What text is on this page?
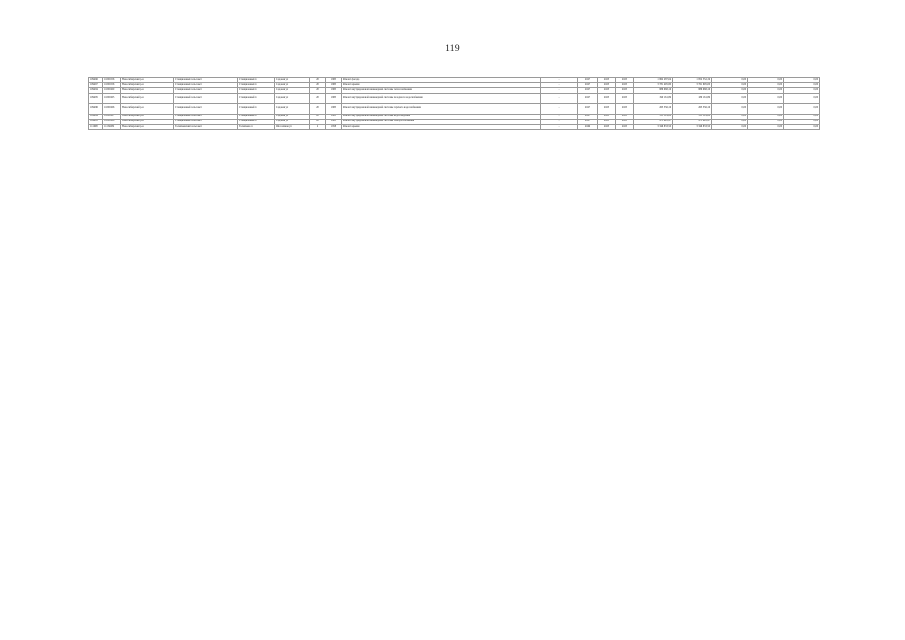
119
109466	11009156	Новосибирский р-н	Станционный сельсовет	Станционный п	Садовая ул	20	1985	Ремонт фасада	-	2047	2023	2025	1 862 287,04	1 852 552,19	0,00	0,00	0,00
109467	11009156	Новосибирский р-н	Станционный сельсовет	Станционный п	Садовая ул	20	1985	Ремонт крыши	-	2047	2023	2025	3 781 495,80	3 761 695,00	0,00	0,00	0,00
109484	11009160	Новосибирский р-н	Станционный сельсовет	Станционный п	Садовая ул	20	1985	Ремонт внутридомовой инженерной системы теплоснабжения	-	2047	2023	2025	886 968,16	886 968,16	0,00	0,00	0,00
109485	11009165	Новосибирский р-н	Станционный сельсовет	Станционный п	Садовая ул	20	1985	Ремонт внутридомовой инженерной системы холодного водоснабжения	-	2047	2023	2025	190 161,89	189 161,89	0,00	0,00	0,00
109486	11009166	Новосибирский р-н	Станционный сельсовет	Станционный п	Садовая ул	20	1985	Ремонт внутридомовой инженерной системы горячего водоснабжения	-	2047	2023	2025	263 356,16	263 356,16	0,00	0,00	0,00
109494	11009167	Новосибирский р-н	Станционный сельсовет	Станционный п	Садовая ул	20	1985	Ремонт внутридомовой инженерной системы водоотведения	-	2047	2023	2025	315 319,82	315 319,82	0,00	0,00	0,00
109495	11009168	Новосибирский р-н	Станционный сельсовет	Станционный п	Садовая ул	20	1985	Ремонт внутридомовой инженерной системы электроснабжения	-	2047	2023	2025	475 422,47	475 422,47	0,00	0,00	0,00
111698	11154082	Новосибирский р-н	Толмачевский сельсовет	Толмачево п	Шоссейная ул	2	1958	Ремонт крыши	-	2049	2023	2025	3 346 833,50	3 346 833,50	0,00	0,00	0,00
